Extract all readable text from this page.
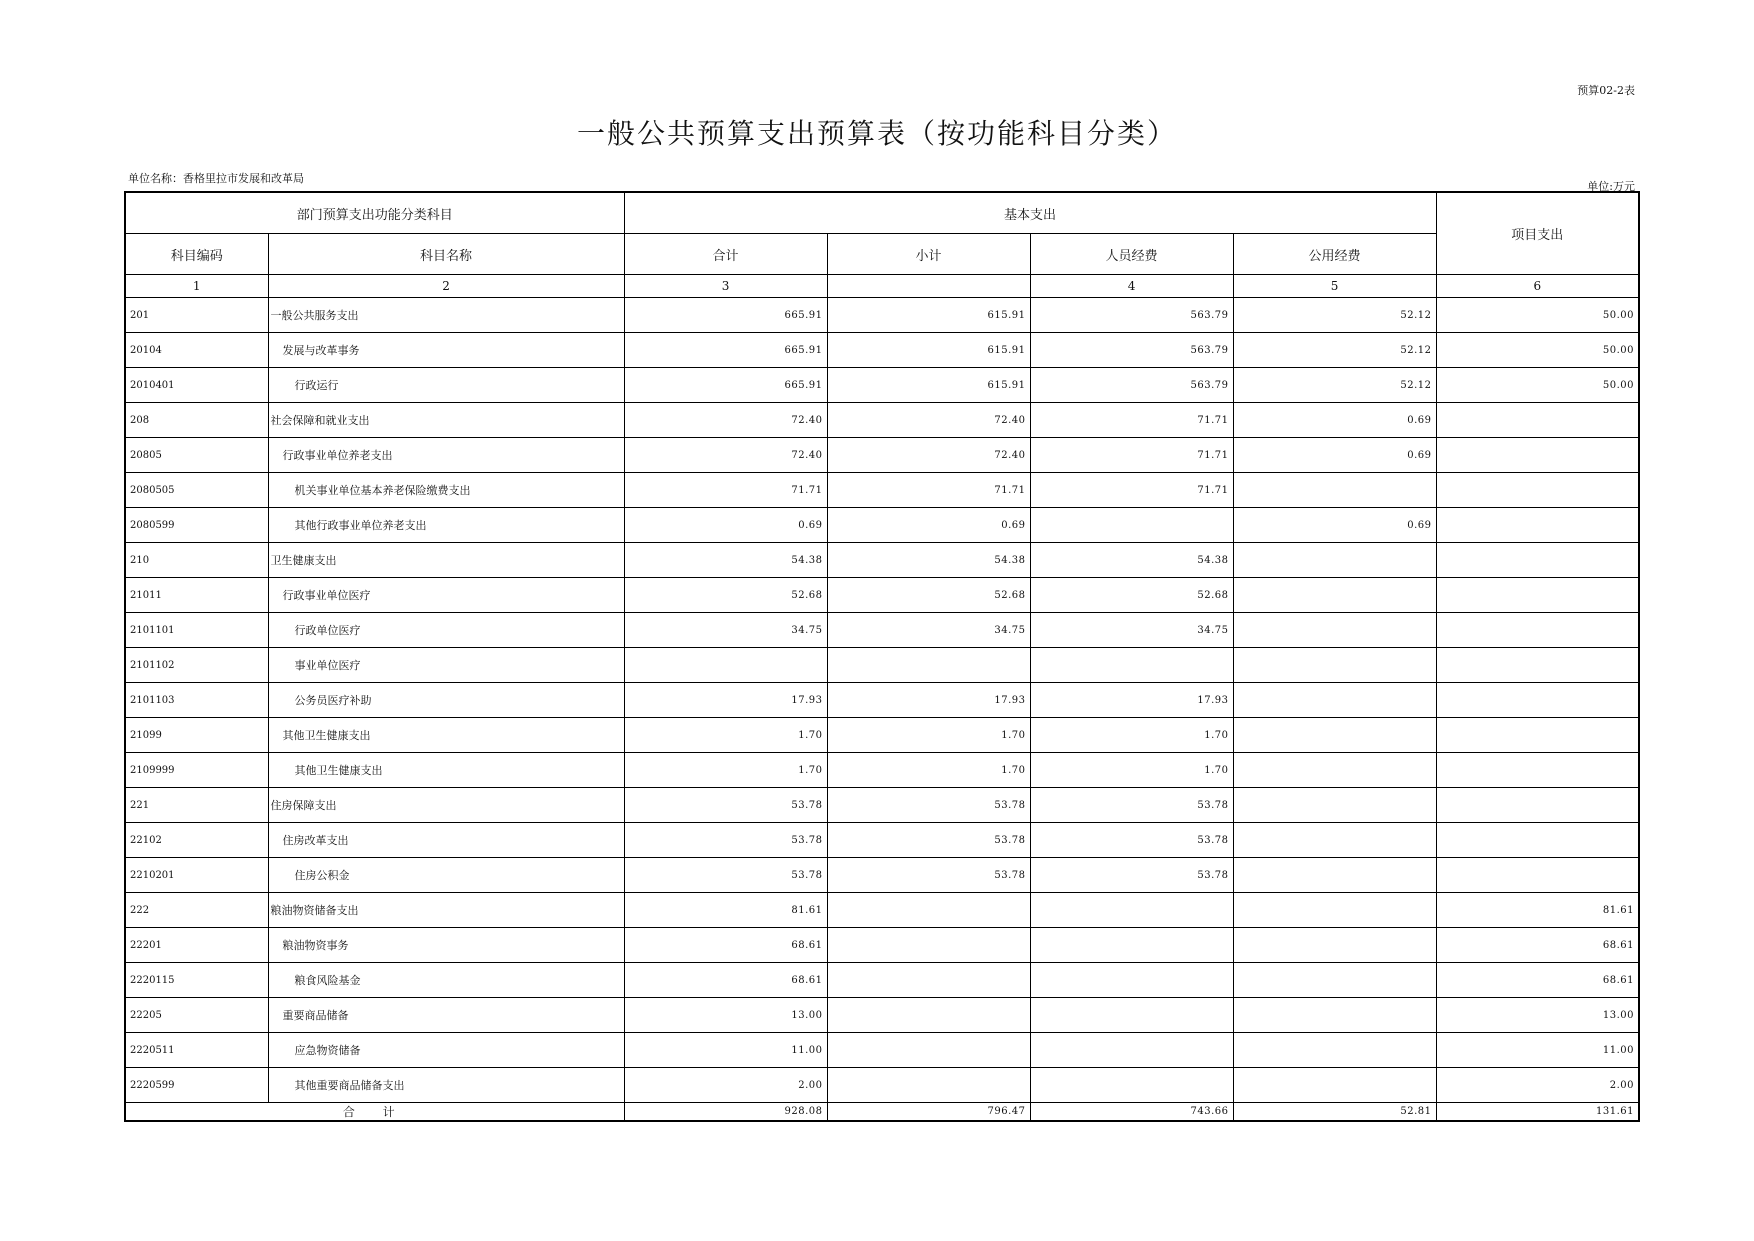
预算02-2表
一般公共预算支出预算表（按功能科目分类）
单位名称：香格里拉市发展和改革局
单位:万元
部门预算支出功能分类科目		基本支出				项目支出
科目编码	科目名称	合计	小计	人员经费	公用经费	
1	2	3		4	5	6
201	一般公共服务支出	665.91	615.91	563.79	52.12	50.00
20104	发展与改革事务	665.91	615.91	563.79	52.12	50.00
2010401	行政运行	665.91	615.91	563.79	52.12	50.00
208	社会保障和就业支出	72.40	72.40	71.71	0.69	
20805	行政事业单位养老支出	72.40	72.40	71.71	0.69	
2080505	机关事业单位基本养老保险缴费支出	71.71	71.71	71.71		
2080599	其他行政事业单位养老支出	0.69	0.69		0.69	
210	卫生健康支出	54.38	54.38	54.38		
21011	行政事业单位医疗	52.68	52.68	52.68		
2101101	行政单位医疗	34.75	34.75	34.75		
2101102	事业单位医疗					
2101103	公务员医疗补助	17.93	17.93	17.93		
21099	其他卫生健康支出	1.70	1.70	1.70		
2109999	其他卫生健康支出	1.70	1.70	1.70		
221	住房保障支出	53.78	53.78	53.78		
22102	住房改革支出	53.78	53.78	53.78		
2210201	住房公积金	53.78	53.78	53.78		
222	粮油物资储备支出	81.61				81.61
22201	粮油物资事务	68.61				68.61
2220115	粮食风险基金	68.61				68.61
22205	重要商品储备	13.00				13.00
2220511	应急物资储备	11.00				11.00
2220599	其他重要商品储备支出	2.00				2.00
合 计		928.08	796.47	743.66	52.81	131.61
